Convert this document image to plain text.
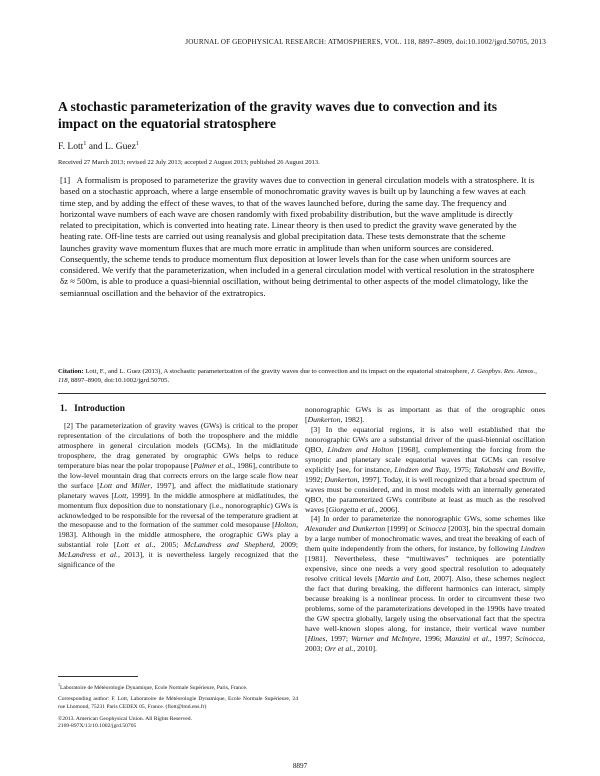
JOURNAL OF GEOPHYSICAL RESEARCH: ATMOSPHERES, VOL. 118, 8897–8909, doi:10.1002/jgrd.50705, 2013
A stochastic parameterization of the gravity waves due to convection and its impact on the equatorial stratosphere
F. Lott$^1$ and L. Guez$^1$
Received 27 March 2013; revised 22 July 2013; accepted 2 August 2013; published 26 August 2013.

[1] A formalism is proposed to parameterize the gravity waves due to convection in general circulation models with a stratosphere. It is based on a stochastic approach, where a large ensemble of monochromatic gravity waves is built up by launching a few waves at each time step, and by adding the effect of these waves, to that of the waves launched before, during the same day. The frequency and horizontal wave numbers of each wave are chosen randomly with fixed probability distribution, but the wave amplitude is directly related to precipitation, which is converted into heating rate. Linear theory is then used to predict the gravity wave generated by the heating rate. Off-line tests are carried out using reanalysis and global precipitation data. These tests demonstrate that the scheme launches gravity wave momentum fluxes that are much more erratic in amplitude than when uniform sources are considered. Consequently, the scheme tends to produce momentum flux deposition at lower levels than for the case when uniform sources are considered. We verify that the parameterization, when included in a general circulation model with vertical resolution in the stratosphere δz ≈ 500m, is able to produce a quasi-biennial oscillation, without being detrimental to other aspects of the model climatology, like the semiannual oscillation and the behavior of the extratropics.

Citation: Lott, F., and L. Guez (2013), A stochastic parameterization of the gravity waves due to convection and its impact on the equatorial stratosphere, J. Geophys. Res. Atmos., 118, 8897–8909, doi:10.1002/jgrd.50705.

1. Introduction

[2] The parameterization of gravity waves (GWs) is critical to the proper representation of the circulations of both the troposphere and the middle atmosphere in general circulation models (GCMs). In the midlatitude troposphere, the drag generated by orographic GWs helps to reduce temperature bias near the polar tropopause [Palmer et al., 1986], contribute to the low-level mountain drag that corrects errors on the large scale flow near the surface [Lott and Miller, 1997], and affect the midlatitude stationary planetary waves [Lott, 1999]. In the middle atmosphere at midlatitudes, the momentum flux deposition due to nonstationary (i.e., nonorographic) GWs is acknowledged to be responsible for the reversal of the temperature gradient at the mesopause and to the formation of the summer cold mesopause [Holton, 1983]. Although in the middle atmosphere, the orographic GWs play a substantial role [Lott et al., 2005; McLandress and Shepherd, 2009; McLandress et al., 2013], it is nevertheless largely recognized that the significance of the

nonorographic GWs is as important as that of the orographic ones [Dunkerton, 1982].

[3] In the equatorial regions, it is also well established that the nonorographic GWs are a substantial driver of the quasi-biennial oscillation QBO, Lindzen and Holton [1968], complementing the forcing from the synoptic and planetary scale equatorial waves that GCMs can resolve explicitly [see, for instance, Lindzen and Tsay, 1975; Takahashi and Boville, 1992; Dunkerton, 1997]. Today, it is well recognized that a broad spectrum of waves must be considered, and in most models with an internally generated QBO, the parameterized GWs contribute at least as much as the resolved waves [Giorgetta et al., 2006].

[4] In order to parameterize the nonorographic GWs, some schemes like Alexander and Dunkerton [1999] or Scinocca [2003], bin the spectral domain by a large number of monochromatic waves, and treat the breaking of each of them quite independently from the others, for instance, by following Lindzen [1981]. Nevertheless, these “multiwaves” techniques are potentially expensive, since one needs a very good spectral resolution to adequately resolve critical levels [Martin and Lott, 2007]. Also, these schemes neglect the fact that during breaking, the different harmonics can interact, simply because breaking is a nonlinear process. In order to circumvent these two problems, some of the parameterizations developed in the 1990s have treated the GW spectra globally, largely using the observational fact that the spectra have well-known slopes along, for instance, their vertical wave number [Hines, 1997; Warner and McIntyre, 1996; Manzini et al., 1997; Scinocca, 2003; Orr et al., 2010].

$^1$Laboratoire de Météorologie Dynamique, Ecole Normale Supérieure, Paris, France.

Corresponding author: F. Lott, Laboratoire de Météorologie Dynamique, Ecole Normale Supérieure, 24 rue Lhomond, 75231 Paris CEDEX 05, France. (flott@lmd.ens.fr)

©2013. American Geophysical Union. All Rights Reserved.

2169-897X/13/10.1002/jgrd.50705

8897
